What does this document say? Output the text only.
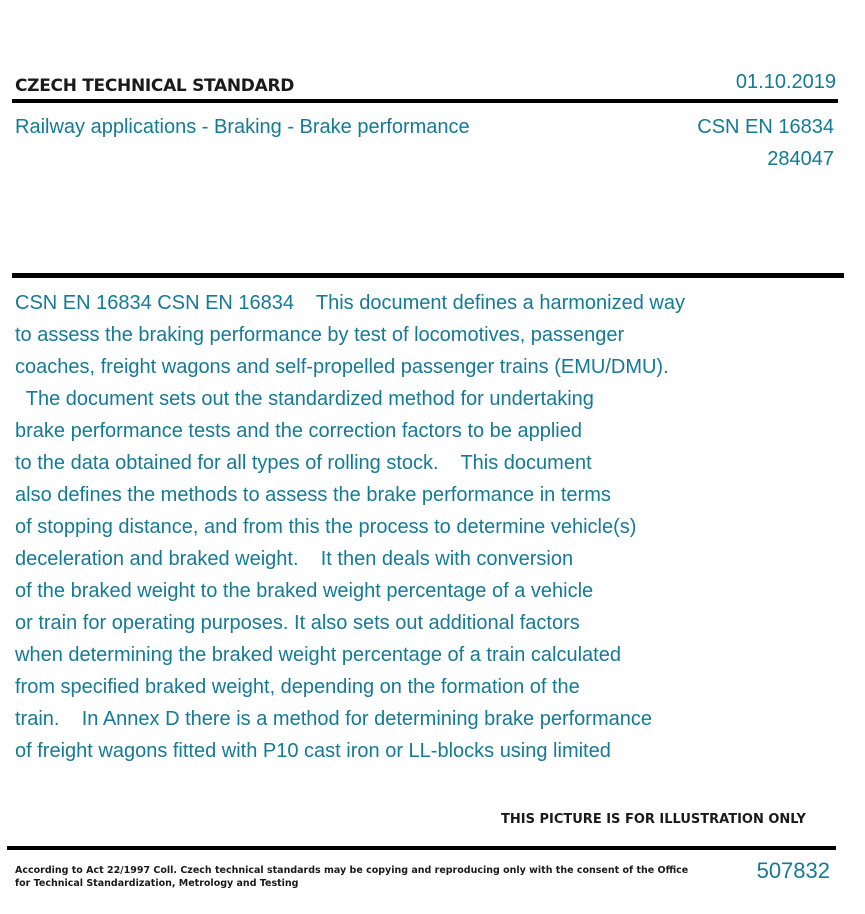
CZECH TECHNICAL STANDARD	01.10.2019
Railway applications - Braking - Brake performance	CSN EN 16834
284047
CSN EN 16834 CSN EN 16834    This document defines a harmonized way
to assess the braking performance by test of locomotives, passenger
coaches, freight wagons and self-propelled passenger trains (EMU/DMU).
The document sets out the standardized method for undertaking
brake performance tests and the correction factors to be applied
to the data obtained for all types of rolling stock.    This document
also defines the methods to assess the brake performance in terms
of stopping distance, and from this the process to determine vehicle(s)
deceleration and braked weight.    It then deals with conversion
of the braked weight to the braked weight percentage of a vehicle
or train for operating purposes. It also sets out additional factors
when determining the braked weight percentage of a train calculated
from specified braked weight, depending on the formation of the
train.    In Annex D there is a method for determining brake performance
of freight wagons fitted with P10 cast iron or LL-blocks using limited
THIS PICTURE IS FOR ILLUSTRATION ONLY
According to Act 22/1997 Coll. Czech technical standards may be copying and reproducing only with the consent of the Office
for Technical Standardization, Metrology and Testing
507832
